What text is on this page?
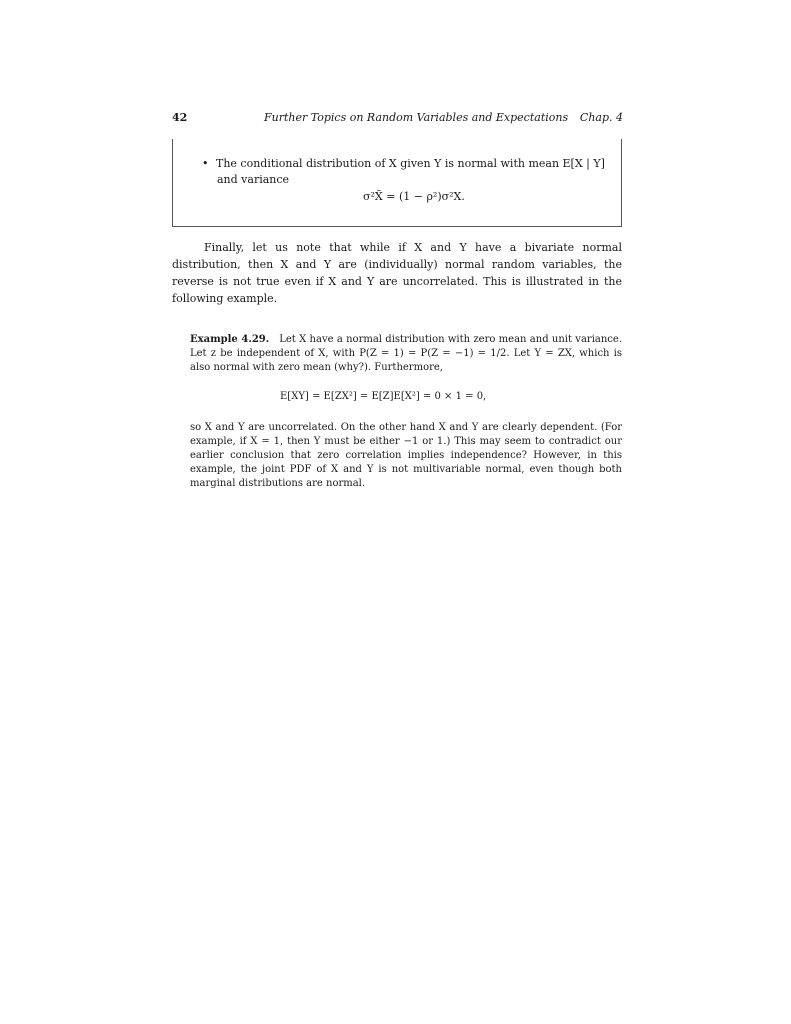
42	Further Topics on Random Variables and Expectations Chap. 4
• The conditional distribution of X given Y is normal with mean E[X | Y]
and variance
σ²X̃ = (1 − ρ²)σ²X.
Finally, let us note that while if X and Y have a bivariate normal distribution, then X and Y are (individually) normal random variables, the reverse is not true even if X and Y are uncorrelated. This is illustrated in the following example.
Example 4.29. Let X have a normal distribution with zero mean and unit variance. Let z be independent of X, with P(Z = 1) = P(Z = −1) = 1/2. Let Y = ZX, which is also normal with zero mean (why?). Furthermore,
E[XY] = E[ZX²] = E[Z]E[X²] = 0 × 1 = 0,
so X and Y are uncorrelated. On the other hand X and Y are clearly dependent. (For example, if X = 1, then Y must be either −1 or 1.) This may seem to contradict our earlier conclusion that zero correlation implies independence? However, in this example, the joint PDF of X and Y is not multivariable normal, even though both marginal distributions are normal.
